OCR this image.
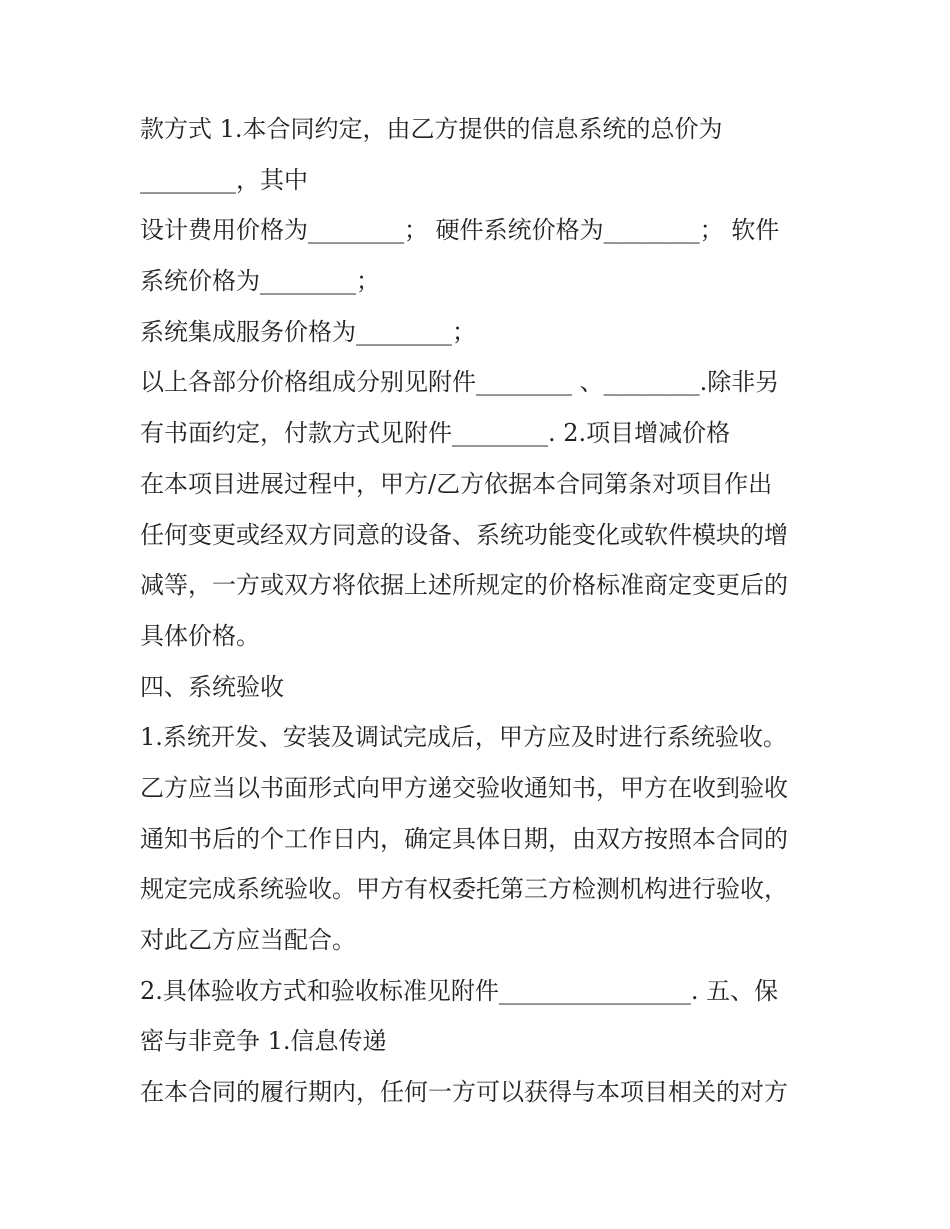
款方式 1.本合同约定，由乙方提供的信息系统的总价为
________，其中
设计费用价格为________； 硬件系统价格为________； 软件
系统价格为________；
系统集成服务价格为________；
以上各部分价格组成分别见附件________ 、________.除非另
有书面约定，付款方式见附件________. 2.项目增减价格
在本项目进展过程中，甲方/乙方依据本合同第条对项目作出
任何变更或经双方同意的设备、系统功能变化或软件模块的增
减等，一方或双方将依据上述所规定的价格标准商定变更后的
具体价格。
四、系统验收
1.系统开发、安装及调试完成后，甲方应及时进行系统验收。
乙方应当以书面形式向甲方递交验收通知书，甲方在收到验收
通知书后的个工作日内，确定具体日期，由双方按照本合同的
规定完成系统验收。甲方有权委托第三方检测机构进行验收，
对此乙方应当配合。
2.具体验收方式和验收标准见附件________________. 五、保
密与非竞争 1.信息传递
在本合同的履行期内，任何一方可以获得与本项目相关的对方
